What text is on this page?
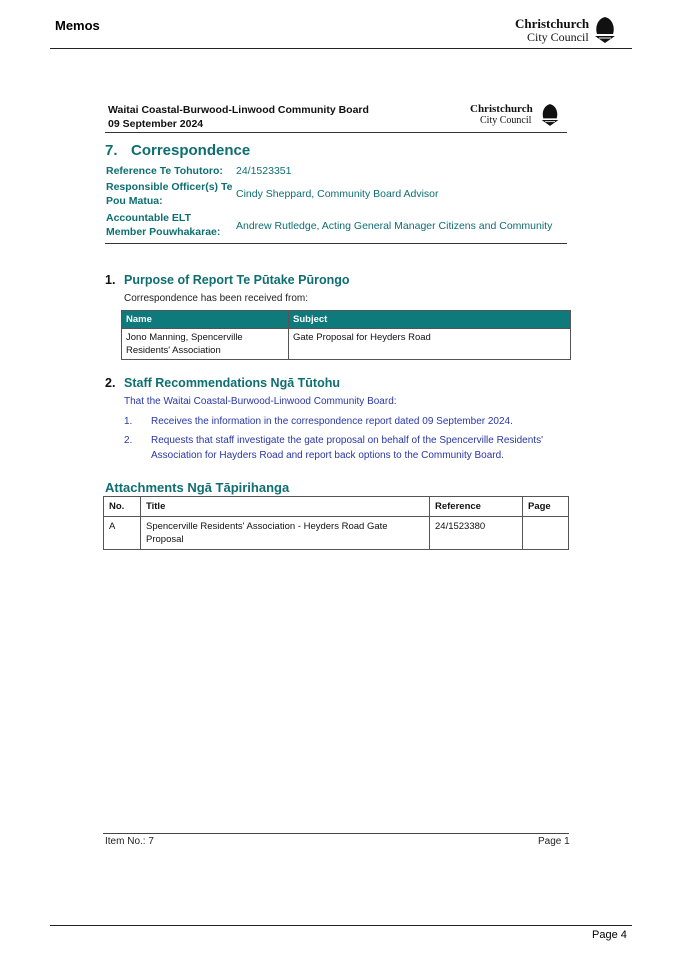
Memos	Christchurch
City Council
Waitai Coastal-Burwood-Linwood Community Board
09 September 2024
Christchurch
City Council
7. Correspondence
Reference Te Tohutoro:	24/1523351
Responsible Officer(s) Te Pou Matua:
Cindy Sheppard, Community Board Advisor
Accountable ELT Member Pouwhakarae:	Andrew Rutledge, Acting General Manager Citizens and Community
1. Purpose of Report Te Pūtake Pūrongo
Correspondence has been received from:
Name	Subject
Jono Manning, Spencerville Residents' Association	Gate Proposal for Heyders Road
2. Staff Recommendations Ngā Tūtohu
That the Waitai Coastal-Burwood-Linwood Community Board:
1. Receives the information in the correspondence report dated 09 September 2024.
2. Requests that staff investigate the gate proposal on behalf of the Spencerville Residents' Association for Hayders Road and report back options to the Community Board.
Attachments Ngā Tāpirihanga
No.	Title	Reference	Page
A	Spencerville Residents' Association - Heyders Road Gate Proposal	24/1523380	
Item No.: 7	Page 1
Page 4
